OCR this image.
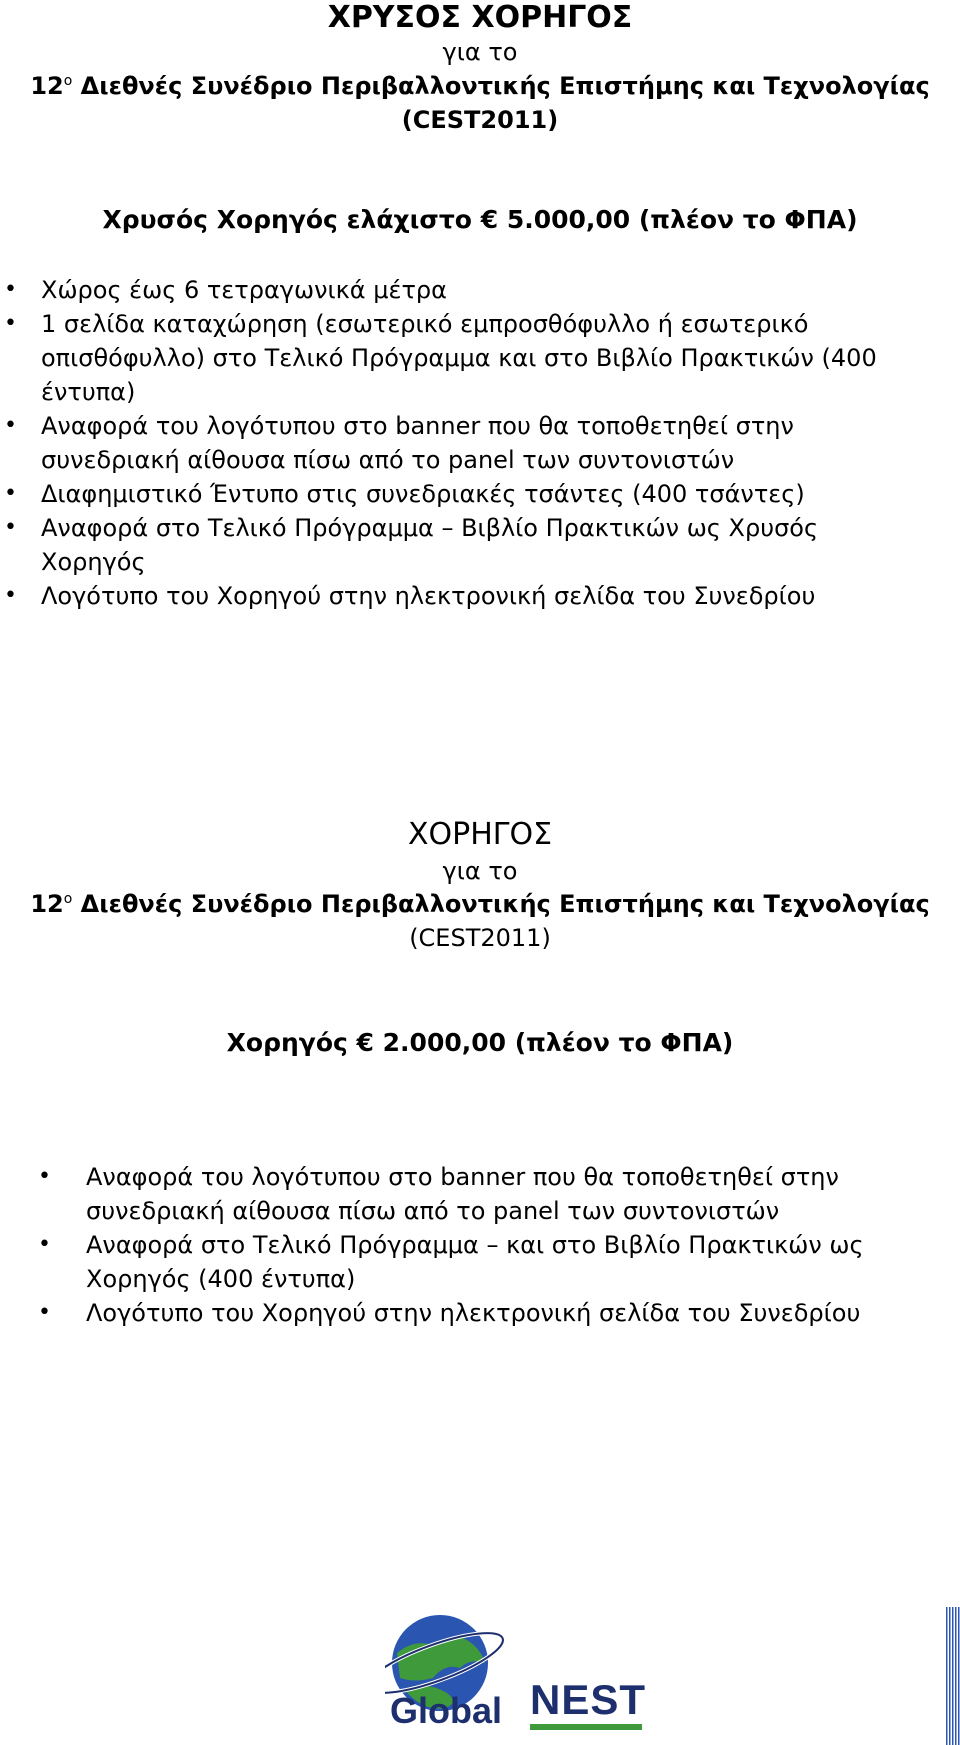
ΧΡΥΣΟΣ ΧΟΡΗΓΟΣ
για το
$12^o$ Διεθνές Συνέδριο Περιβαλλοντικής Επιστήμης και Τεχνολογίας
(CEST2011)
Χρυσός Χορηγός ελάχιστο € 5.000,00 (πλέον το ΦΠΑ)
• Χώρος έως 6 τετραγωνικά μέτρα
• 1 σελίδα καταχώρηση (εσωτερικό εμπροσθόφυλλο ή εσωτερικό
οπισθόφυλλο) στο Τελικό Πρόγραμμα και στο Βιβλίο Πρακτικών (400
έντυπα)
• Αναφορά του λογότυπου στο banner που θα τοποθετηθεί στην
συνεδριακή αίθουσα πίσω από το panel των συντονιστών
• Διαφημιστικό Έντυπο στις συνεδριακές τσάντες (400 τσάντες)
• Αναφορά στο Τελικό Πρόγραμμα – Βιβλίο Πρακτικών ως Χρυσός
Χορηγός
• Λογότυπο του Χορηγού στην ηλεκτρονική σελίδα του Συνεδρίου
ΧΟΡΗΓΟΣ
για το
$12^o$ Διεθνές Συνέδριο Περιβαλλοντικής Επιστήμης και Τεχνολογίας
(CEST2011)
Χορηγός € 2.000,00 (πλέον το ΦΠΑ)
• Αναφορά του λογότυπου στο banner που θα τοποθετηθεί στην
συνεδριακή αίθουσα πίσω από το panel των συντονιστών
• Αναφορά στο Τελικό Πρόγραμμα – και στο Βιβλίο Πρακτικών ως
Χορηγός (400 έντυπα)
• Λογότυπο του Χορηγού στην ηλεκτρονική σελίδα του Συνεδρίου
Global NEST
